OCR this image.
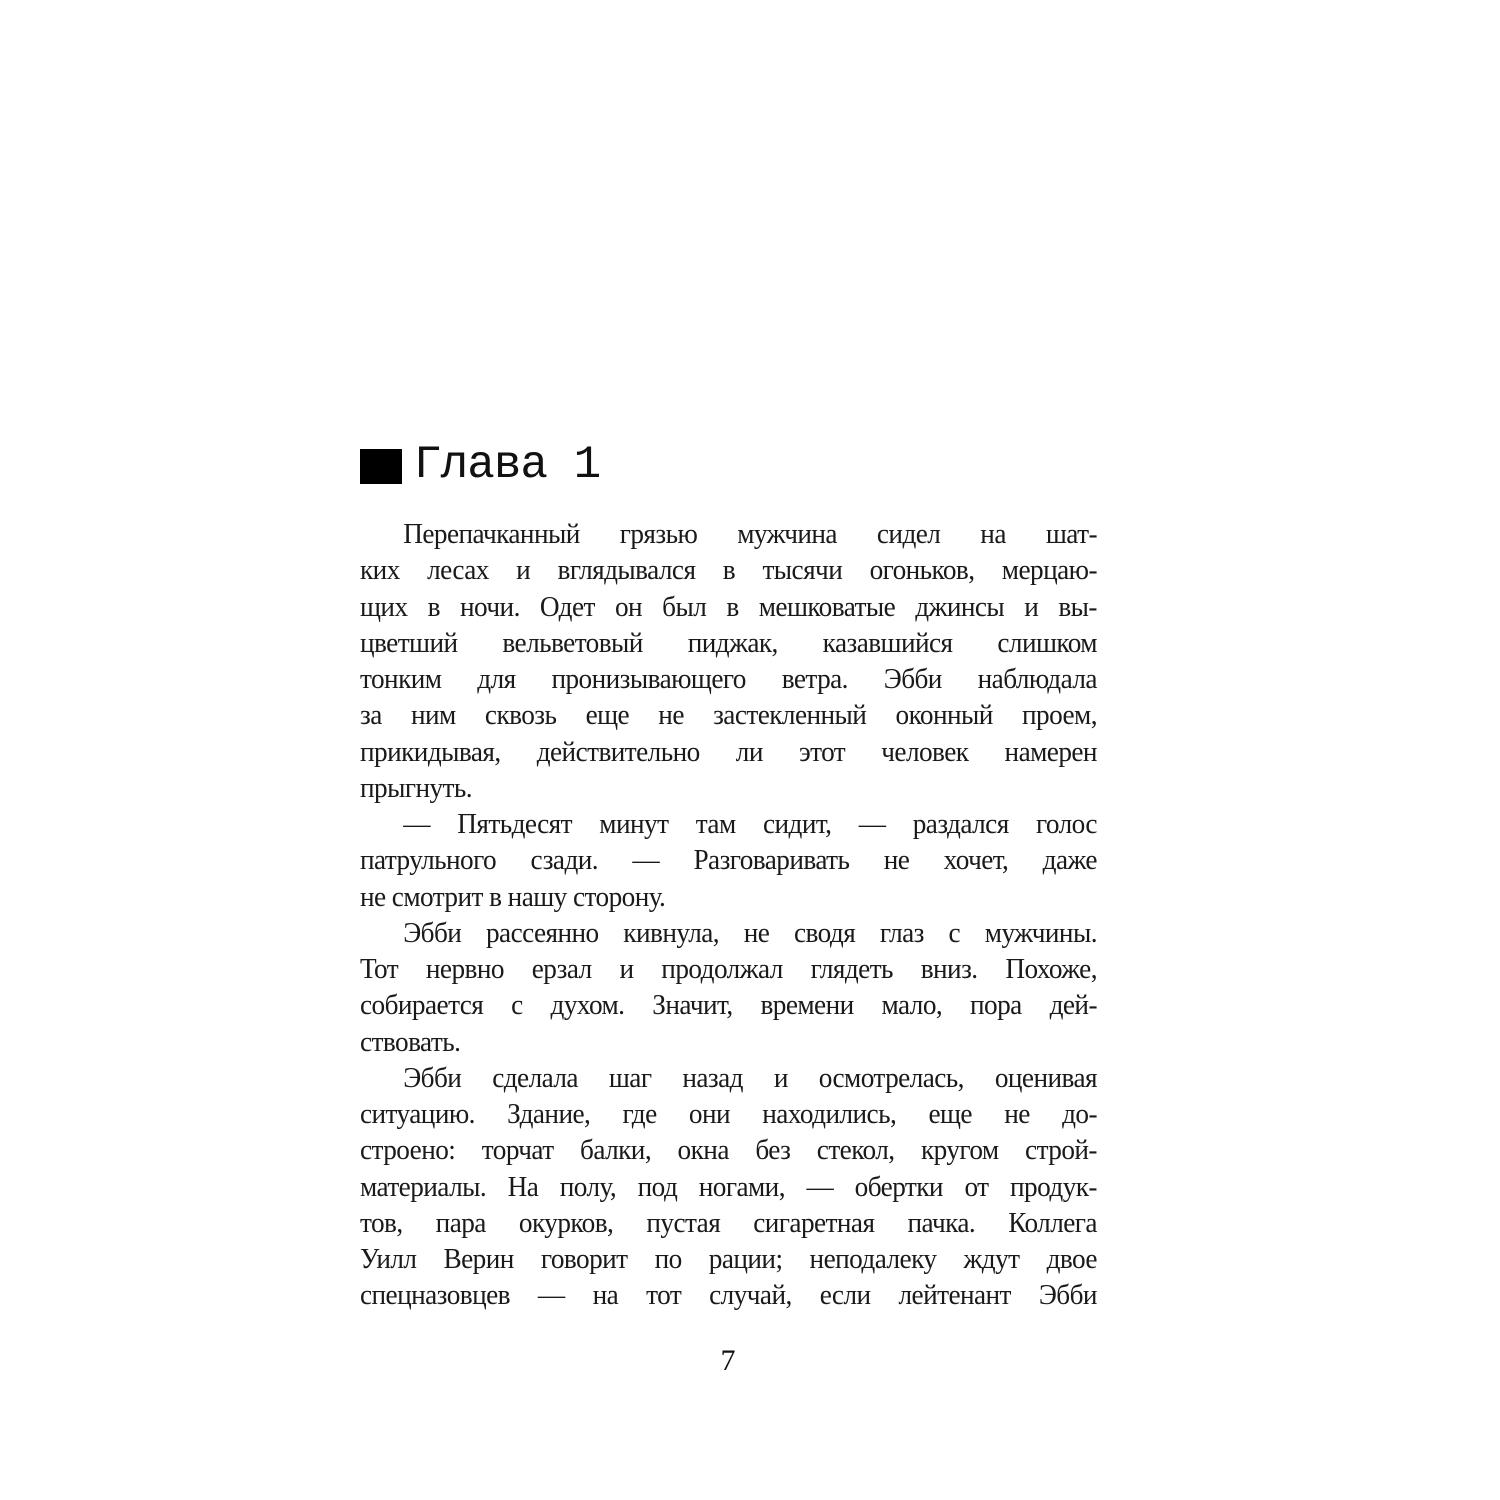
Глава 1
Перепачканный грязью мужчина сидел на шат-
ких лесах и вглядывался в тысячи огоньков, мерцаю-
щих в ночи. Одет он был в мешковатые джинсы и вы-
цветший вельветовый пиджак, казавшийся слишком
тонким для пронизывающего ветра. Эбби наблюдала
за ним сквозь еще не застекленный оконный проем,
прикидывая, действительно ли этот человек намерен
прыгнуть.
— Пятьдесят минут там сидит, — раздался голос
патрульного сзади. — Разговаривать не хочет, даже
не смотрит в нашу сторону.
Эбби рассеянно кивнула, не сводя глаз с мужчины.
Тот нервно ерзал и продолжал глядеть вниз. Похоже,
собирается с духом. Значит, времени мало, пора дей-
ствовать.
Эбби сделала шаг назад и осмотрелась, оценивая
ситуацию. Здание, где они находились, еще не до-
строено: торчат балки, окна без стекол, кругом строй-
материалы. На полу, под ногами, — обертки от продук-
тов, пара окурков, пустая сигаретная пачка. Коллега
Уилл Верин говорит по рации; неподалеку ждут двое
спецназовцев — на тот случай, если лейтенант Эбби
7
